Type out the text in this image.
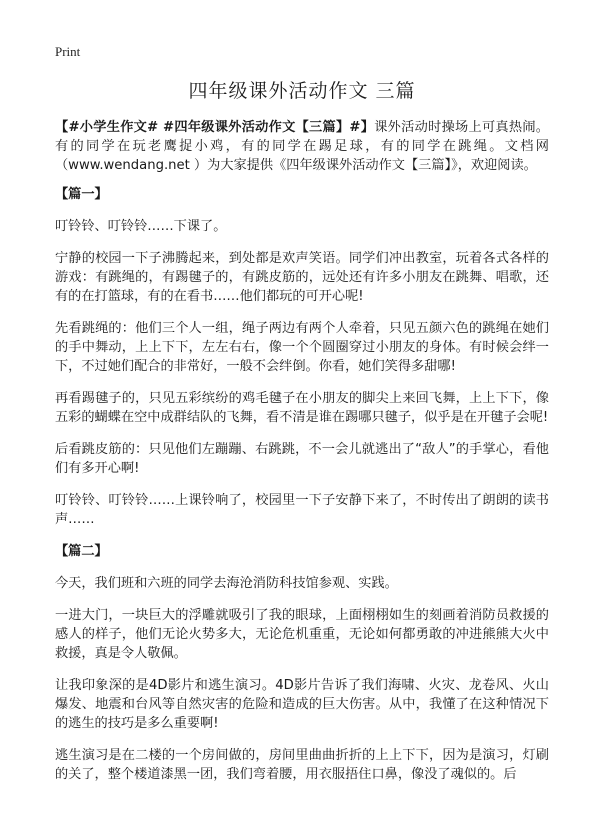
Print
四年级课外活动作文 三篇
【#小学生作文# #四年级课外活动作文【三篇】#】课外活动时操场上可真热闹。有的同学在玩老鹰捉小鸡，有的同学在踢足球，有的同学在跳绳。文档网（www.wendang.net ）为大家提供《四年级课外活动作文【三篇】》，欢迎阅读。
【篇一】
叮铃铃、叮铃铃……下课了。
宁静的校园一下子沸腾起来，到处都是欢声笑语。同学们冲出教室，玩着各式各样的游戏：有跳绳的，有踢毽子的，有跳皮筋的，远处还有许多小朋友在跳舞、唱歌，还有的在打篮球，有的在看书……他们都玩的可开心呢!
先看跳绳的：他们三个人一组，绳子两边有两个人牵着，只见五颜六色的跳绳在她们的手中舞动，上上下下，左左右右，像一个个圆圈穿过小朋友的身体。有时候会绊一下，不过她们配合的非常好，一般不会绊倒。你看，她们笑得多甜哪!
再看踢毽子的，只见五彩缤纷的鸡毛毽子在小朋友的脚尖上来回飞舞，上上下下，像五彩的蝴蝶在空中成群结队的飞舞，看不清是谁在踢哪只毽子，似乎是在开毽子会呢!
后看跳皮筋的：只见他们左蹦蹦、右跳跳，不一会儿就逃出了“敌人”的手掌心，看他们有多开心啊!
叮铃铃、叮铃铃……上课铃响了，校园里一下子安静下来了，不时传出了朗朗的读书声……
【篇二】
今天，我们班和六班的同学去海沧消防科技馆参观、实践。
一进大门，一块巨大的浮雕就吸引了我的眼球，上面栩栩如生的刻画着消防员救援的感人的样子，他们无论火势多大，无论危机重重，无论如何都勇敢的冲进熊熊大火中救援，真是令人敬佩。
让我印象深的是4D影片和逃生演习。4D影片告诉了我们海啸、火灾、龙卷风、火山爆发、地震和台风等自然灾害的危险和造成的巨大伤害。从中，我懂了在这种情况下的逃生的技巧是多么重要啊!
逃生演习是在二楼的一个房间做的，房间里曲曲折折的上上下下，因为是演习，灯刷的关了，整个楼道漆黑一团，我们弯着腰，用衣服捂住口鼻，像没了魂似的。后
